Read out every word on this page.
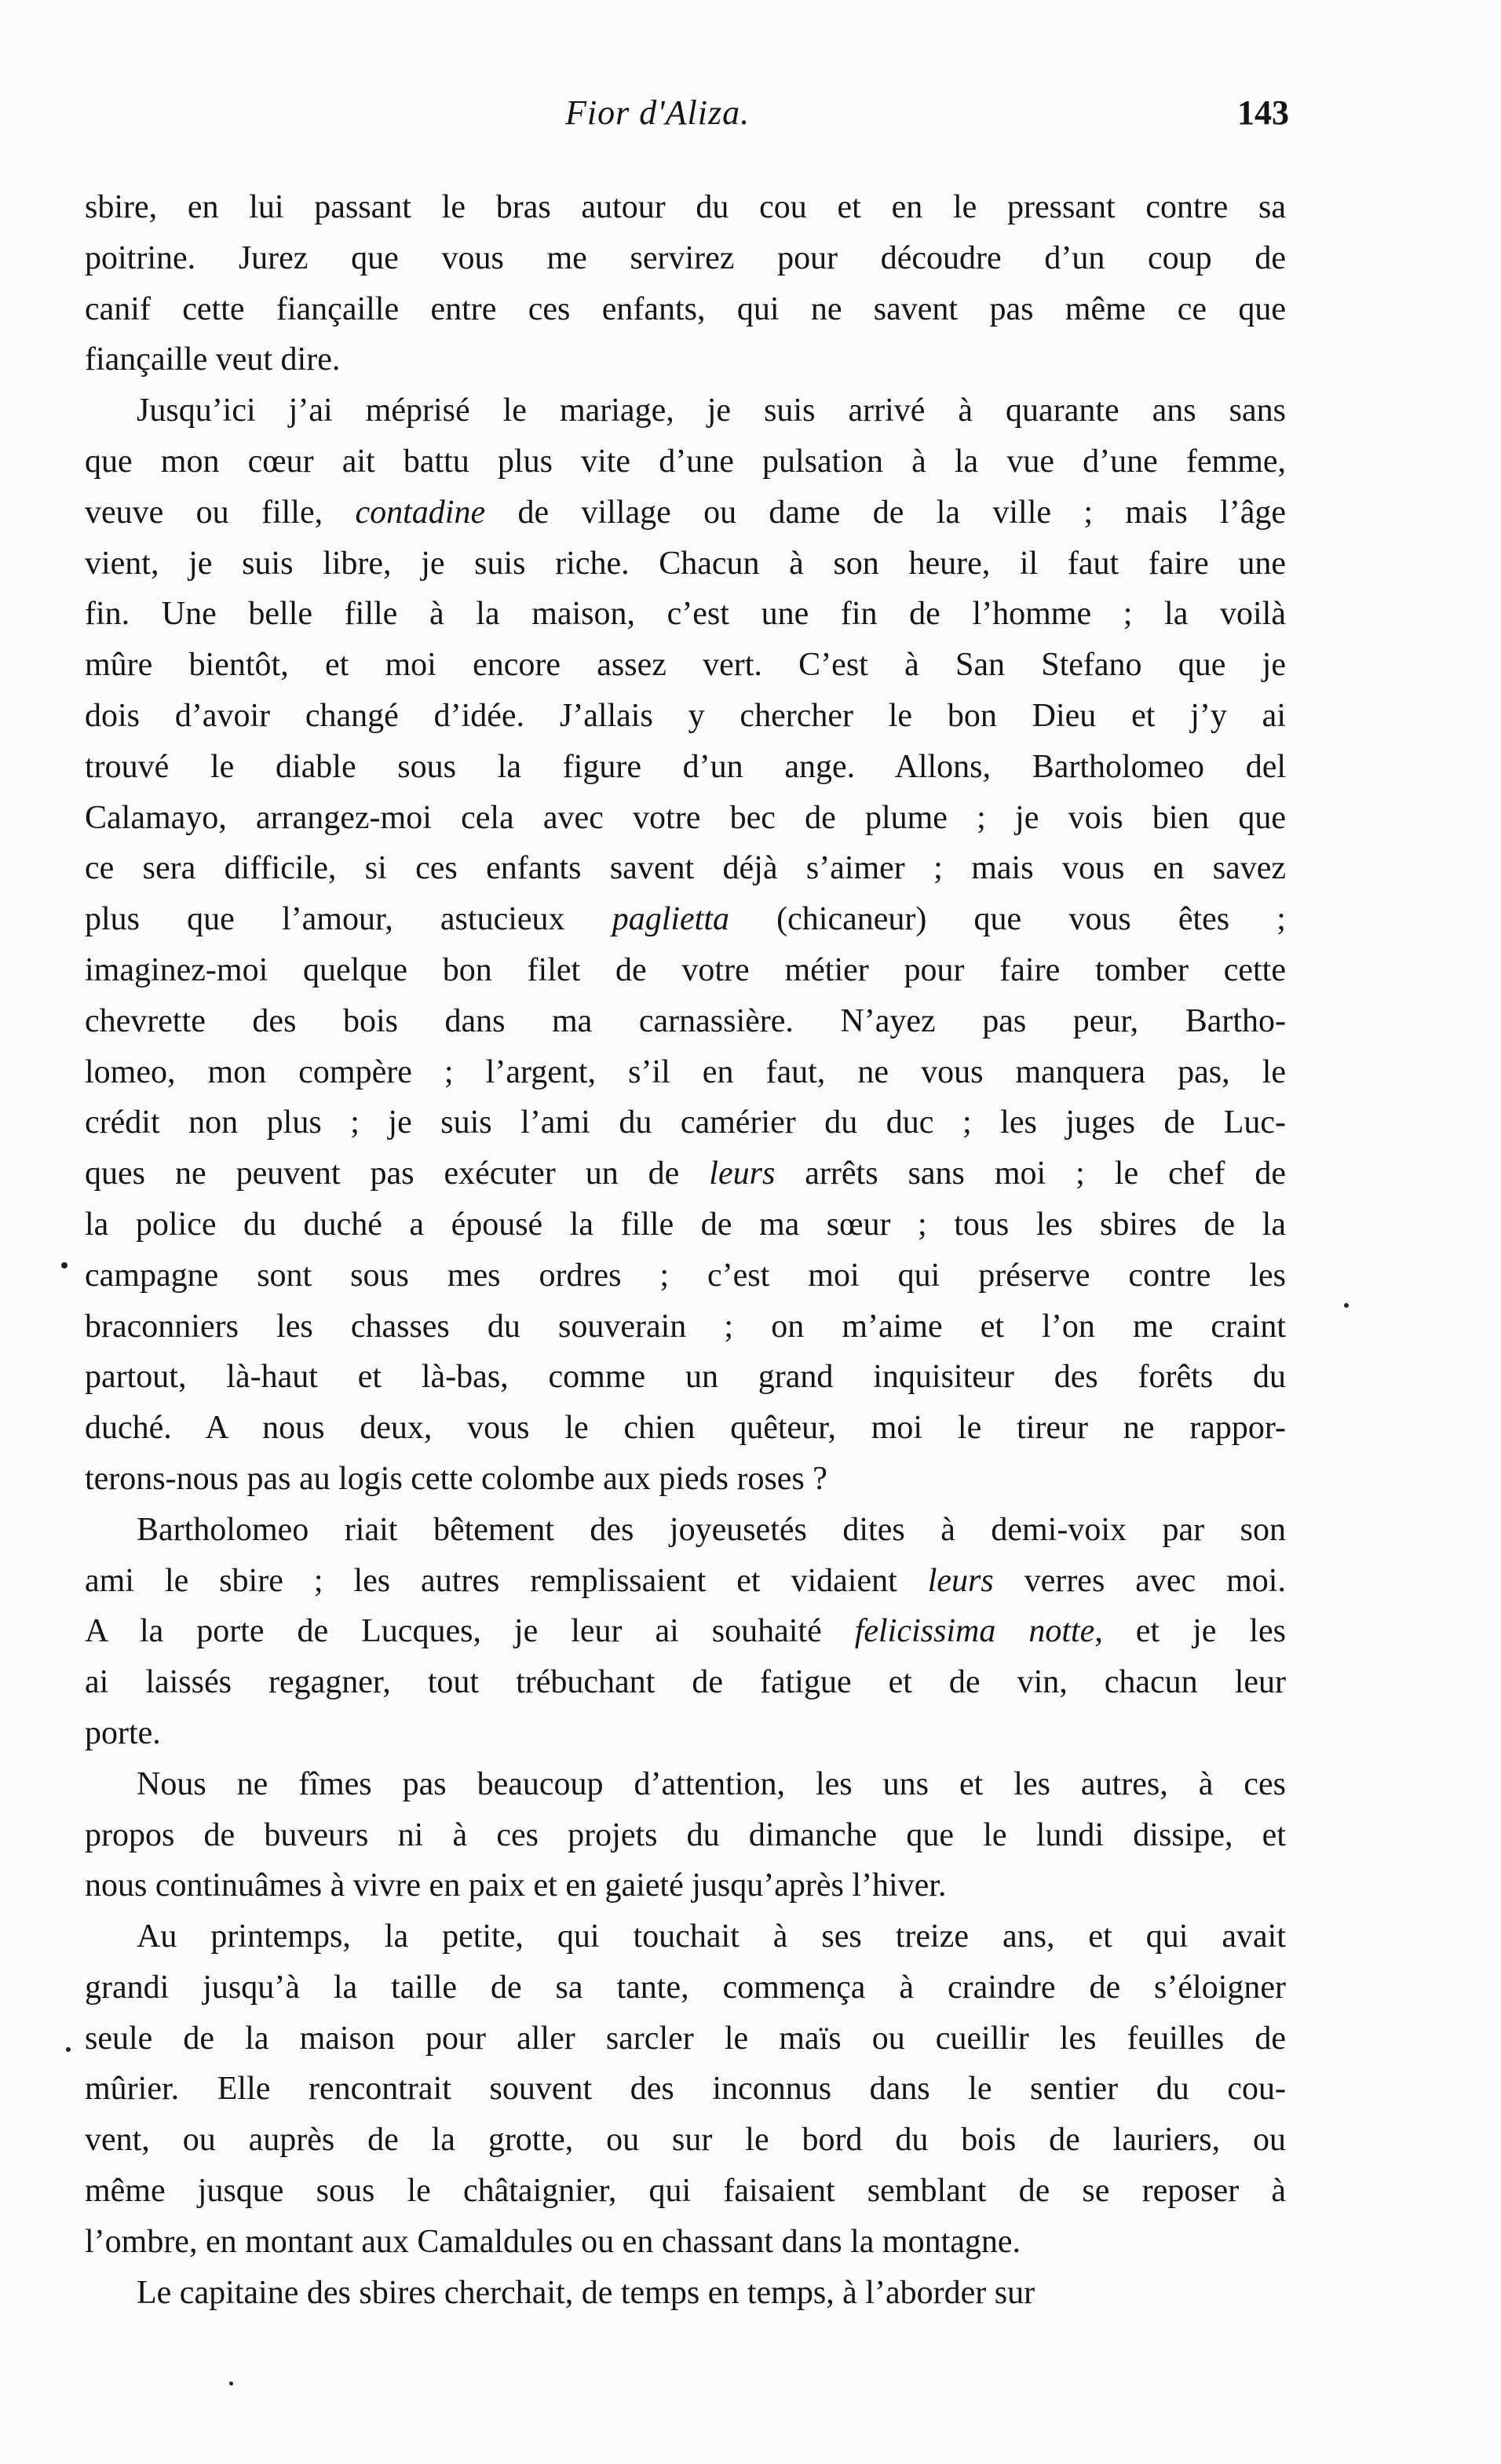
Fior d'Aliza.	143

sbire, en lui passant le bras autour du cou et en le pressant contre sa
poitrine. Jurez que vous me servirez pour découdre d’un coup de
canif cette fiançaille entre ces enfants, qui ne savent pas même ce que
fiançaille veut dire.

Jusqu’ici j’ai méprisé le mariage, je suis arrivé à quarante ans sans
que mon cœur ait battu plus vite d’une pulsation à la vue d’une femme,
veuve ou fille, contadine de village ou dame de la ville ; mais l’âge
vient, je suis libre, je suis riche. Chacun à son heure, il faut faire une
fin. Une belle fille à la maison, c’est une fin de l’homme ; la voilà
mûre bientôt, et moi encore assez vert. C’est à San Stefano que je
dois d’avoir changé d’idée. J’allais y chercher le bon Dieu et j’y ai
trouvé le diable sous la figure d’un ange. Allons, Bartholomeo del
Calamayo, arrangez-moi cela avec votre bec de plume ; je vois bien que
ce sera difficile, si ces enfants savent déjà s’aimer ; mais vous en savez
plus que l’amour, astucieux paglietta (chicaneur) que vous êtes ;
imaginez-moi quelque bon filet de votre métier pour faire tomber cette
chevrette des bois dans ma carnassière. N’ayez pas peur, Bartho-
lomeo, mon compère ; l’argent, s’il en faut, ne vous manquera pas, le
crédit non plus ; je suis l’ami du camérier du duc ; les juges de Luc-
ques ne peuvent pas exécuter un de leurs arrêts sans moi ; le chef de
la police du duché a épousé la fille de ma sœur ; tous les sbires de la
campagne sont sous mes ordres ; c’est moi qui préserve contre les
braconniers les chasses du souverain ; on m’aime et l’on me craint
partout, là-haut et là-bas, comme un grand inquisiteur des forêts du
duché. A nous deux, vous le chien quêteur, moi le tireur ne rappor-
terons-nous pas au logis cette colombe aux pieds roses ?

Bartholomeo riait bêtement des joyeusetés dites à demi-voix par son
ami le sbire ; les autres remplissaient et vidaient leurs verres avec moi.
A la porte de Lucques, je leur ai souhaité felicissima notte, et je les
ai laissés regagner, tout trébuchant de fatigue et de vin, chacun leur
porte.

Nous ne fîmes pas beaucoup d’attention, les uns et les autres, à ces
propos de buveurs ni à ces projets du dimanche que le lundi dissipe, et
nous continuâmes à vivre en paix et en gaieté jusqu’après l’hiver.

Au printemps, la petite, qui touchait à ses treize ans, et qui avait
grandi jusqu’à la taille de sa tante, commença à craindre de s’éloigner
seule de la maison pour aller sarcler le maïs ou cueillir les feuilles de
mûrier. Elle rencontrait souvent des inconnus dans le sentier du cou-
vent, ou auprès de la grotte, ou sur le bord du bois de lauriers, ou
même jusque sous le châtaignier, qui faisaient semblant de se reposer à
l’ombre, en montant aux Camaldules ou en chassant dans la montagne.

Le capitaine des sbires cherchait, de temps en temps, à l’aborder sur
